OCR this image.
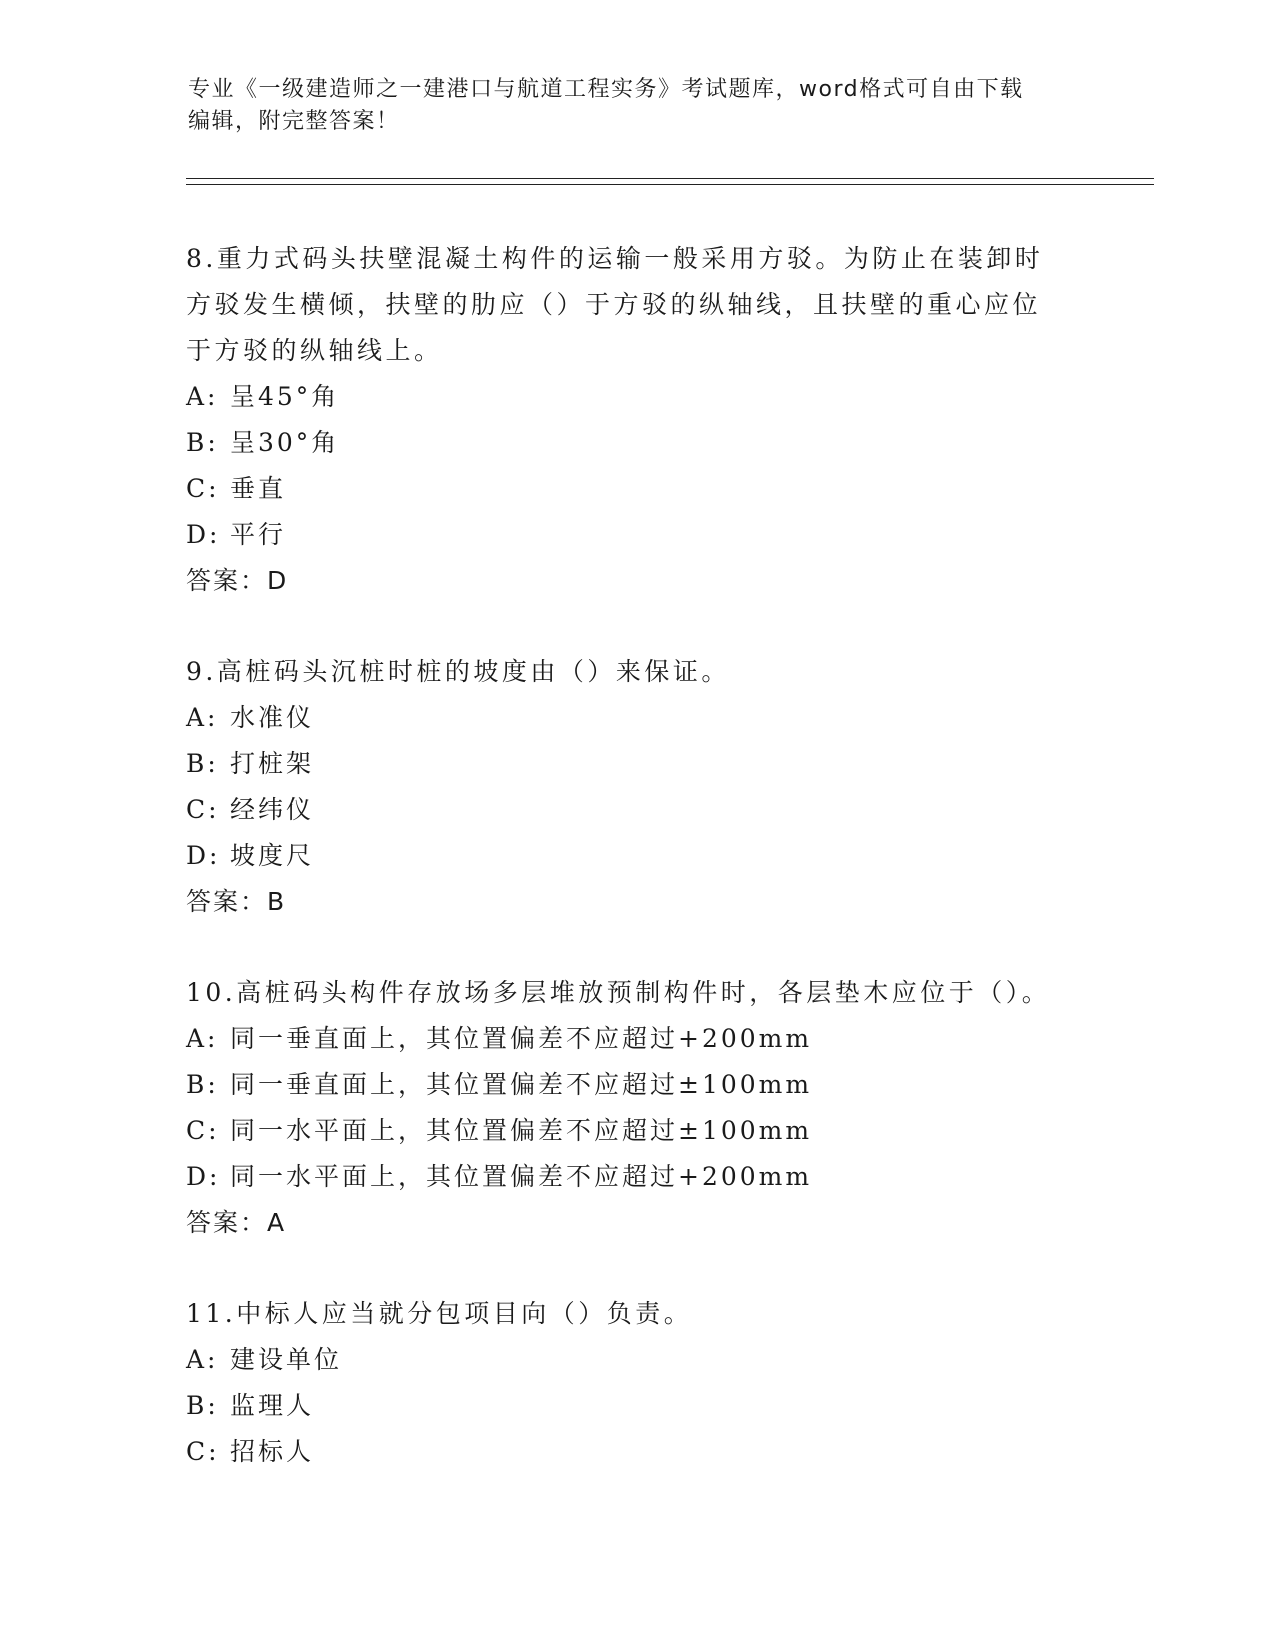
专业《一级建造师之一建港口与航道工程实务》考试题库，word格式可自由下载
编辑，附完整答案！

8.重力式码头扶壁混凝土构件的运输一般采用方驳。为防止在装卸时

方驳发生横倾，扶壁的肋应（）于方驳的纵轴线，且扶壁的重心应位

于方驳的纵轴线上。

A: 呈45°角

B: 呈30°角

C: 垂直

D: 平行

答案：D

9.高桩码头沉桩时桩的坡度由（）来保证。

A: 水准仪

B: 打桩架

C: 经纬仪

D: 坡度尺

答案：B

10.高桩码头构件存放场多层堆放预制构件时，各层垫木应位于（）。

A: 同一垂直面上，其位置偏差不应超过+200mm

B: 同一垂直面上，其位置偏差不应超过±100mm

C: 同一水平面上，其位置偏差不应超过±100mm

D: 同一水平面上，其位置偏差不应超过+200mm

答案：A

11.中标人应当就分包项目向（）负责。

A: 建设单位

B: 监理人

C: 招标人
